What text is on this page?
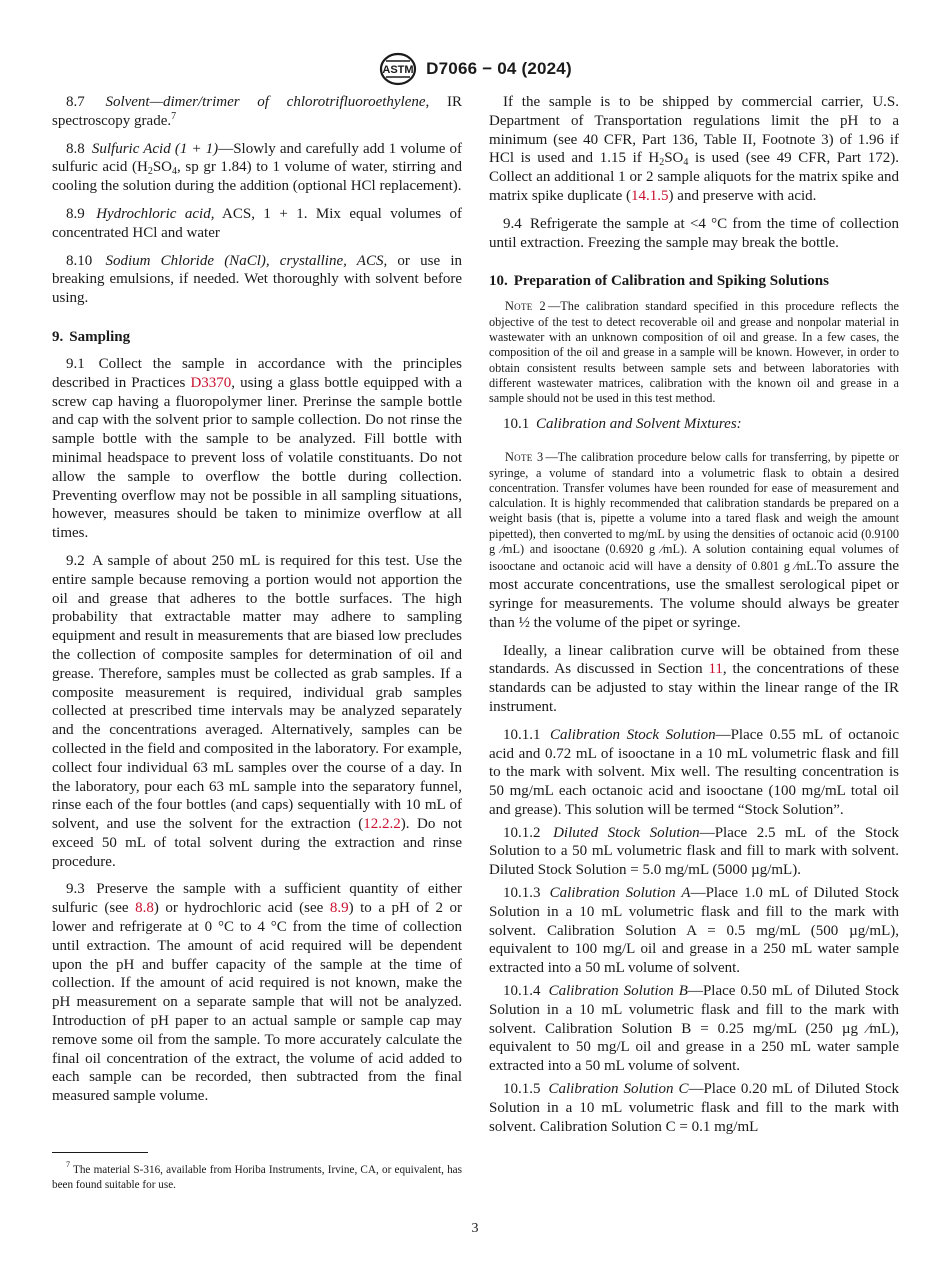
ASTM D7066 − 04 (2024)

8.7 Solvent—dimer/trimer of chlorotrifluoroethylene, IR spectroscopy grade.$^7$

8.8 Sulfuric Acid (1 + 1)—Slowly and carefully add 1 volume of sulfuric acid ($H_2SO_4$, sp gr 1.84) to 1 volume of water, stirring and cooling the solution during the addition (optional HCl replacement).

8.9 Hydrochloric acid, ACS, 1 + 1. Mix equal volumes of concentrated HCl and water

8.10 Sodium Chloride (NaCl), crystalline, ACS, or use in breaking emulsions, if needed. Wet thoroughly with solvent before using.

9. Sampling

9.1 Collect the sample in accordance with the principles described in Practices D3370, using a glass bottle equipped with a screw cap having a fluoropolymer liner. Prerinse the sample bottle and cap with the solvent prior to sample collection. Do not rinse the sample bottle with the sample to be analyzed. Fill bottle with minimal headspace to prevent loss of volatile constituants. Do not allow the sample to overflow the bottle during collection. Preventing overflow may not be possible in all sampling situations, however, measures should be taken to minimize overflow at all times.

9.2 A sample of about 250 mL is required for this test. Use the entire sample because removing a portion would not apportion the oil and grease that adheres to the bottle surfaces. The high probability that extractable matter may adhere to sampling equipment and result in measurements that are biased low precludes the collection of composite samples for determination of oil and grease. Therefore, samples must be collected as grab samples. If a composite measurement is required, individual grab samples collected at prescribed time intervals may be analyzed separately and the concentrations averaged. Alternatively, samples can be collected in the field and composited in the laboratory. For example, collect four individual 63 mL samples over the course of a day. In the laboratory, pour each 63 mL sample into the separatory funnel, rinse each of the four bottles (and caps) sequentially with 10 mL of solvent, and use the solvent for the extraction (12.2.2). Do not exceed 50 mL of total solvent during the extraction and rinse procedure.

9.3 Preserve the sample with a sufficient quantity of either sulfuric (see 8.8) or hydrochloric acid (see 8.9) to a pH of 2 or lower and refrigerate at 0 °C to 4 °C from the time of collection until extraction. The amount of acid required will be dependent upon the pH and buffer capacity of the sample at the time of collection. If the amount of acid required is not known, make the pH measurement on a separate sample that will not be analyzed. Introduction of pH paper to an actual sample or sample cap may remove some oil from the sample. To more accurately calculate the final oil concentration of the extract, the volume of acid added to each sample can be recorded, then subtracted from the final measured sample volume.

$^7$ The material S-316, available from Horiba Instruments, Irvine, CA, or equivalent, has been found suitable for use.

If the sample is to be shipped by commercial carrier, U.S. Department of Transportation regulations limit the pH to a minimum (see 40 CFR, Part 136, Table II, Footnote 3) of 1.96 if HCl is used and 1.15 if $H_2SO_4$ is used (see 49 CFR, Part 172). Collect an additional 1 or 2 sample aliquots for the matrix spike and matrix spike duplicate (14.1.5) and preserve with acid.

9.4 Refrigerate the sample at <4 °C from the time of collection until extraction. Freezing the sample may break the bottle.

10. Preparation of Calibration and Spiking Solutions
Note 2 —The calibration standard specified in this procedure reflects the objective of the test to detect recoverable oil and grease and nonpolar material in wastewater with an unknown composition of oil and grease. In a few cases, the composition of the oil and grease in a sample will be known. However, in order to obtain consistent results between sample sets and between laboratories with different wastewater matrices, calibration with the known oil and grease in a sample should not be used in this test method.

10.1 Calibration and Solvent Mixtures:

Note 3 —The calibration procedure below calls for transferring, by pipette or syringe, a volume of standard into a volumetric flask to obtain a desired concentration. Transfer volumes have been rounded for ease of measurement and calculation. It is highly recommended that calibration standards be prepared on a weight basis (that is, pipette a volume into a tared flask and weigh the amount pipetted), then converted to mg/mL by using the densities of octanoic acid (0.9100 g ⁄mL) and isooctane (0.6920 g ⁄mL). A solution containing equal volumes of isooctane and octanoic acid will have a density of 0.801 g ⁄mL.To assure the most accurate concentrations, use the smallest serological pipet or syringe for measurements. The volume should always be greater than ½ the volume of the pipet or syringe.

Ideally, a linear calibration curve will be obtained from these standards. As discussed in Section 11, the concentrations of these standards can be adjusted to stay within the linear range of the IR instrument.

10.1.1 Calibration Stock Solution—Place 0.55 mL of octanoic acid and 0.72 mL of isooctane in a 10 mL volumetric flask and fill to the mark with solvent. Mix well. The resulting concentration is 50 mg/mL each octanoic acid and isooctane (100 mg/mL total oil and grease). This solution will be termed “Stock Solution”.

10.1.2 Diluted Stock Solution—Place 2.5 mL of the Stock Solution to a 50 mL volumetric flask and fill to mark with solvent. Diluted Stock Solution = 5.0 mg/mL (5000 µg/mL).

10.1.3 Calibration Solution A—Place 1.0 mL of Diluted Stock Solution in a 10 mL volumetric flask and fill to the mark with solvent. Calibration Solution A = 0.5 mg/mL (500 µg/mL), equivalent to 100 mg/L oil and grease in a 250 mL water sample extracted into a 50 mL volume of solvent.

10.1.4 Calibration Solution B—Place 0.50 mL of Diluted Stock Solution in a 10 mL volumetric flask and fill to the mark with solvent. Calibration Solution B = 0.25 mg/mL (250 µg ⁄mL), equivalent to 50 mg/L oil and grease in a 250 mL water sample extracted into a 50 mL volume of solvent.

10.1.5 Calibration Solution C—Place 0.20 mL of Diluted Stock Solution in a 10 mL volumetric flask and fill to the mark with solvent. Calibration Solution C = 0.1 mg/mL

3
